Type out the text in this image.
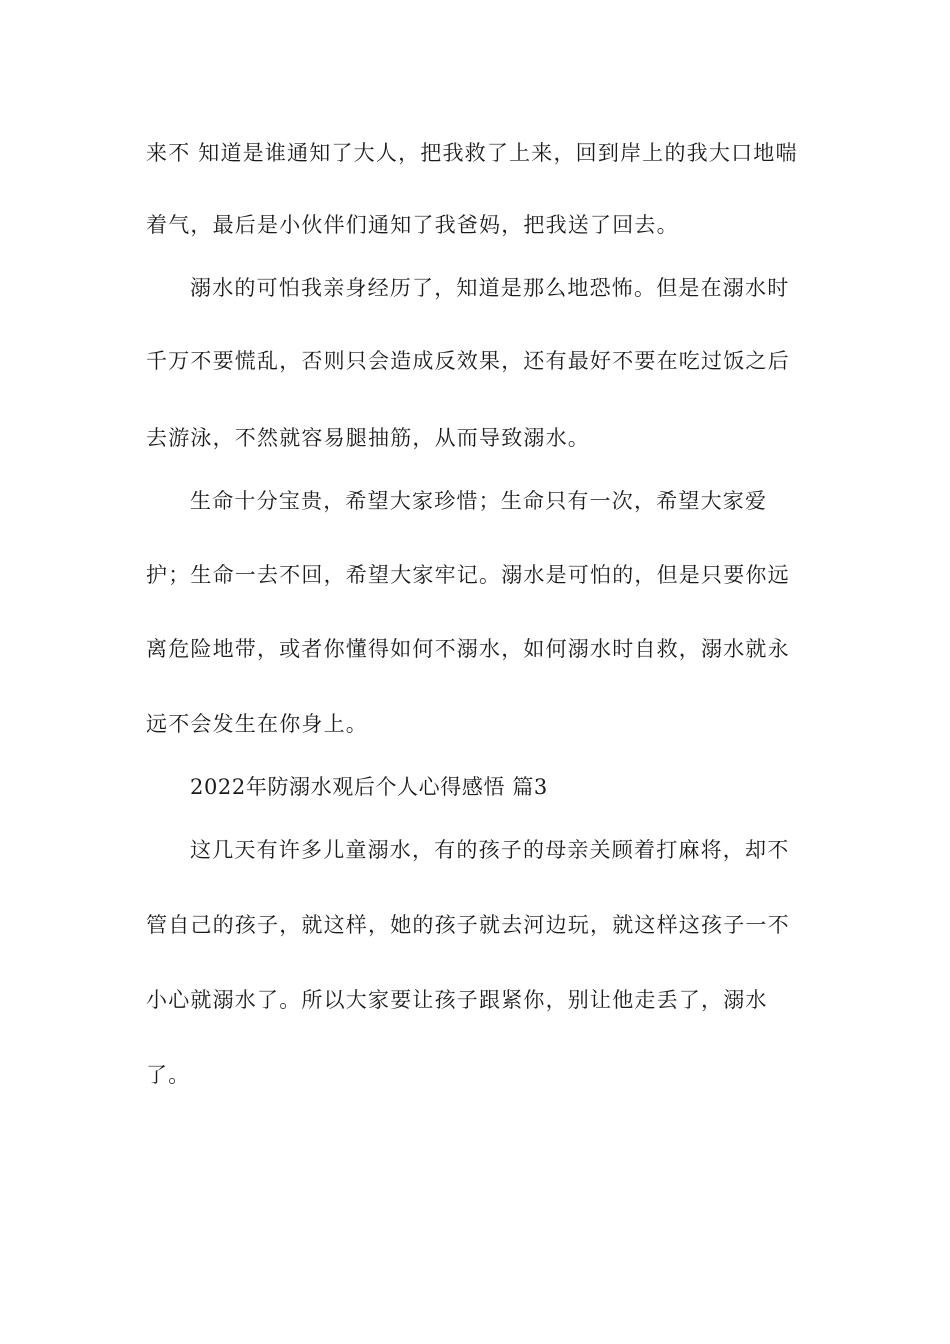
来不 知道是谁通知了大人，把我救了上来，回到岸上的我大口地喘
着气，最后是小伙伴们通知了我爸妈，把我送了回去。
溺水的可怕我亲身经历了，知道是那么地恐怖。但是在溺水时
千万不要慌乱，否则只会造成反效果，还有最好不要在吃过饭之后
去游泳，不然就容易腿抽筋，从而导致溺水。
生命十分宝贵，希望大家珍惜；生命只有一次，希望大家爱
护；生命一去不回，希望大家牢记。溺水是可怕的，但是只要你远
离危险地带，或者你懂得如何不溺水，如何溺水时自救，溺水就永
远不会发生在你身上。
2022年防溺水观后个人心得感悟 篇3
这几天有许多儿童溺水，有的孩子的母亲关顾着打麻将，却不
管自己的孩子，就这样，她的孩子就去河边玩，就这样这孩子一不
小心就溺水了。所以大家要让孩子跟紧你，别让他走丢了，溺水
了。
